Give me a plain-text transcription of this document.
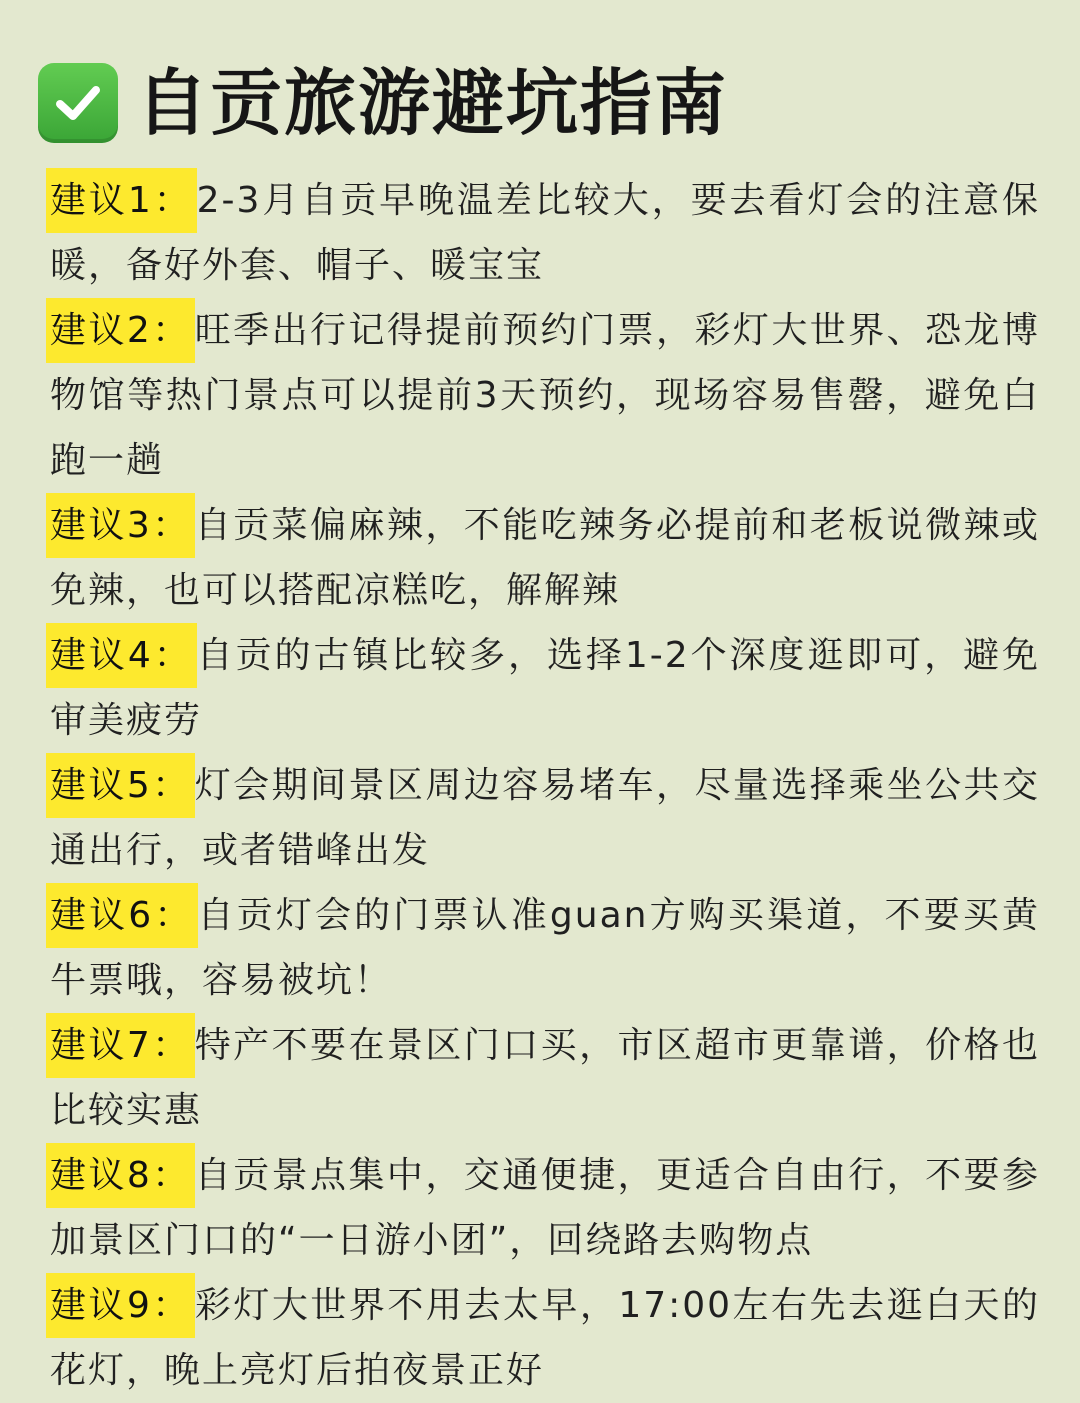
自贡旅游避坑指南
建议1： 2-3月自贡早晚温差比较大，要去看灯会的注意保暖，备好外套、帽子、暖宝宝
建议2： 旺季出行记得提前预约门票，彩灯大世界、恐龙博物馆等热门景点可以提前3天预约，现场容易售罄，避免白跑一趟
建议3： 自贡菜偏麻辣，不能吃辣务必提前和老板说微辣或免辣，也可以搭配凉糕吃，解解辣
建议4： 自贡的古镇比较多，选择1-2个深度逛即可，避免审美疲劳
建议5： 灯会期间景区周边容易堵车，尽量选择乘坐公共交通出行，或者错峰出发
建议6： 自贡灯会的门票认准guan方购买渠道，不要买黄牛票哦，容易被坑！
建议7： 特产不要在景区门口买，市区超市更靠谱，价格也比较实惠
建议8： 自贡景点集中，交通便捷，更适合自由行，不要参加景区门口的“一日游小团”，回绕路去购物点
建议9： 彩灯大世界不用去太早，17:00左右先去逛白天的花灯，晚上亮灯后拍夜景正好
